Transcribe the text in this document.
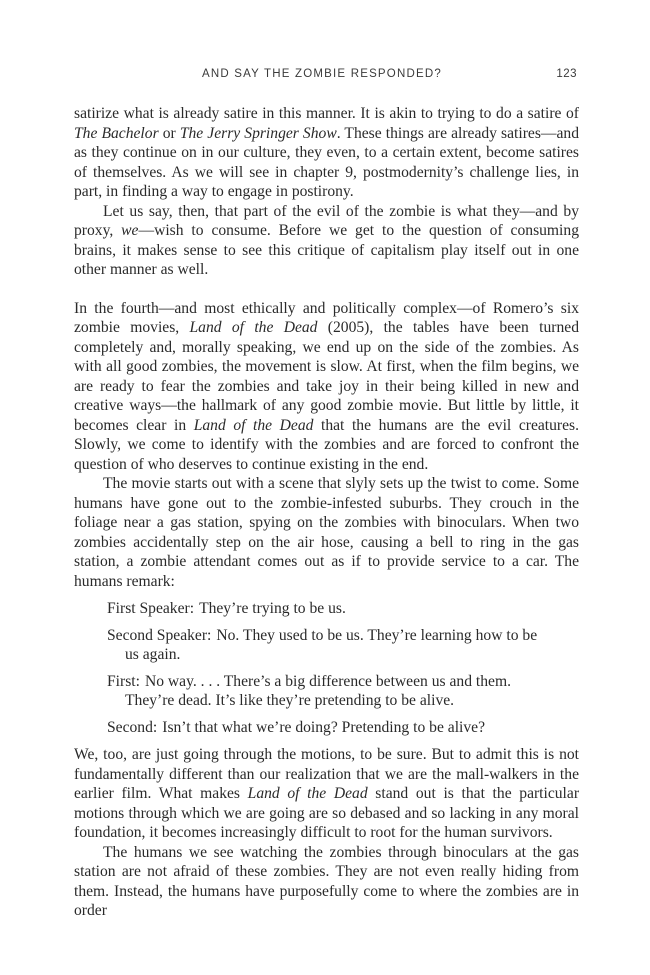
AND SAY THE ZOMBIE RESPONDED?	123

satirize what is already satire in this manner. It is akin to trying to do a satire of The Bachelor or The Jerry Springer Show. These things are already satires—and as they continue on in our culture, they even, to a certain extent, become satires of themselves. As we will see in chapter 9, postmodernity’s challenge lies, in part, in finding a way to engage in postirony.

Let us say, then, that part of the evil of the zombie is what they—and by proxy, we—wish to consume. Before we get to the question of consuming brains, it makes sense to see this critique of capitalism play itself out in one other manner as well.

In the fourth—and most ethically and politically complex—of Romero’s six zombie movies, Land of the Dead (2005), the tables have been turned completely and, morally speaking, we end up on the side of the zombies. As with all good zombies, the movement is slow. At first, when the film begins, we are ready to fear the zombies and take joy in their being killed in new and creative ways—the hallmark of any good zombie movie. But little by little, it becomes clear in Land of the Dead that the humans are the evil creatures. Slowly, we come to identify with the zombies and are forced to confront the question of who deserves to continue existing in the end.

The movie starts out with a scene that slyly sets up the twist to come. Some humans have gone out to the zombie-infested suburbs. They crouch in the foliage near a gas station, spying on the zombies with binoculars. When two zombies accidentally step on the air hose, causing a bell to ring in the gas station, a zombie attendant comes out as if to provide service to a car. The humans remark:

First Speaker: They’re trying to be us.
Second Speaker: No. They used to be us. They’re learning how to be us again.
First: No way. . . . There’s a big difference between us and them. They’re dead. It’s like they’re pretending to be alive.
Second: Isn’t that what we’re doing? Pretending to be alive?

We, too, are just going through the motions, to be sure. But to admit this is not fundamentally different than our realization that we are the mall-walkers in the earlier film. What makes Land of the Dead stand out is that the particular motions through which we are going are so debased and so lacking in any moral foundation, it becomes increasingly difficult to root for the human survivors.

The humans we see watching the zombies through binoculars at the gas station are not afraid of these zombies. They are not even really hiding from them. Instead, the humans have purposefully come to where the zombies are in order
